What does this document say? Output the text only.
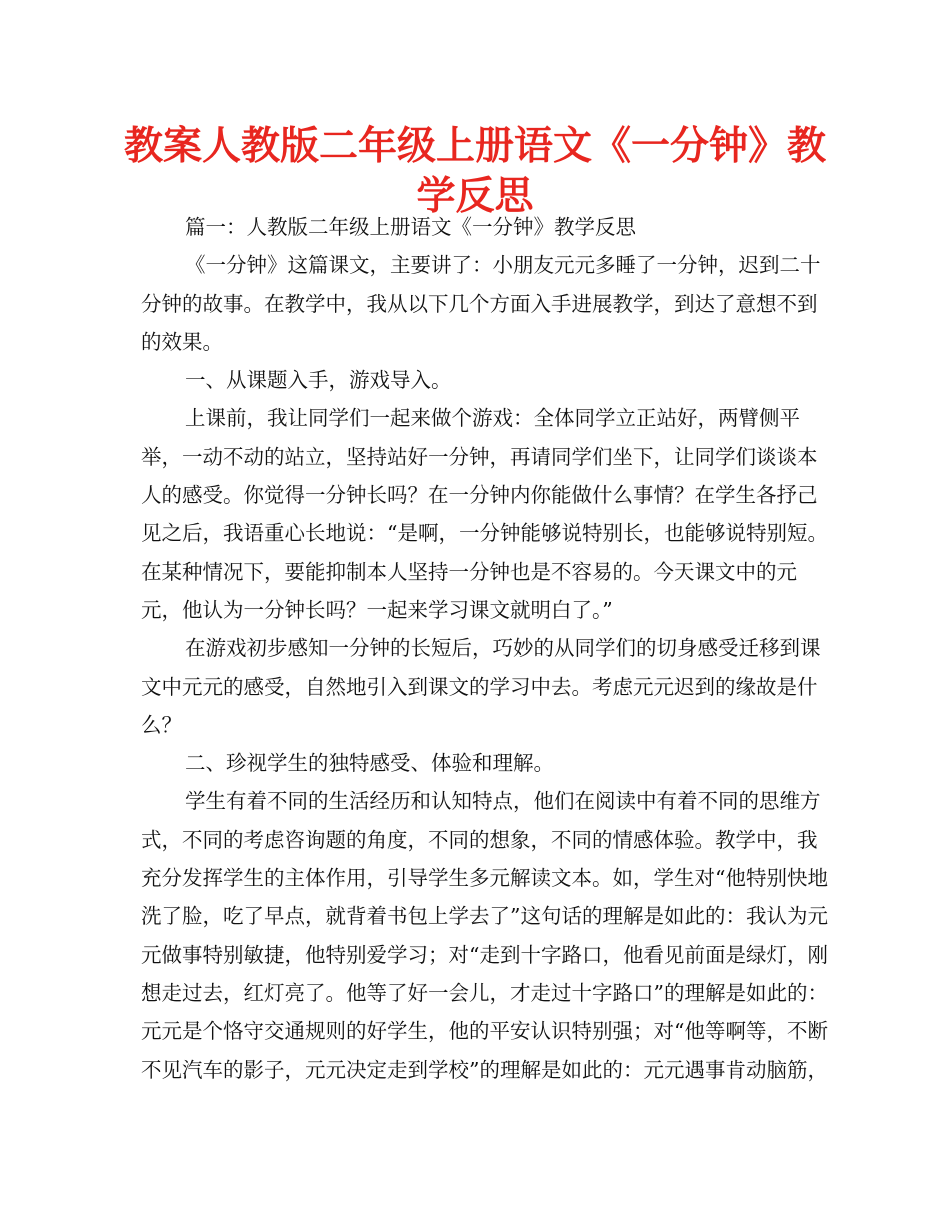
教案人教版二年级上册语文《一分钟》教学反思

篇一：人教版二年级上册语文《一分钟》教学反思

《一分钟》这篇课文，主要讲了：小朋友元元多睡了一分钟，迟到二十分钟的故事。在教学中，我从以下几个方面入手进展教学，到达了意想不到的效果。

一、从课题入手，游戏导入。

上课前，我让同学们一起来做个游戏：全体同学立正站好，两臂侧平举，一动不动的站立，坚持站好一分钟，再请同学们坐下，让同学们谈谈本人的感受。你觉得一分钟长吗？在一分钟内你能做什么事情？在学生各抒己见之后，我语重心长地说：“是啊，一分钟能够说特别长，也能够说特别短。在某种情况下，要能抑制本人坚持一分钟也是不容易的。今天课文中的元元，他认为一分钟长吗？一起来学习课文就明白了。”

在游戏初步感知一分钟的长短后，巧妙的从同学们的切身感受迁移到课文中元元的感受，自然地引入到课文的学习中去。考虑元元迟到的缘故是什么？

二、珍视学生的独特感受、体验和理解。

学生有着不同的生活经历和认知特点，他们在阅读中有着不同的思维方式，不同的考虑咨询题的角度，不同的想象，不同的情感体验。教学中，我充分发挥学生的主体作用，引导学生多元解读文本。如，学生对“他特别快地洗了脸，吃了早点，就背着书包上学去了”这句话的理解是如此的：我认为元元做事特别敏捷，他特别爱学习；对“走到十字路口，他看见前面是绿灯，刚想走过去，红灯亮了。他等了好一会儿，才走过十字路口”的理解是如此的：元元是个恪守交通规则的好学生，他的平安认识特别强；对“他等啊等，不断不见汽车的影子，元元决定走到学校”的理解是如此的：元元遇事肯动脑筋，
